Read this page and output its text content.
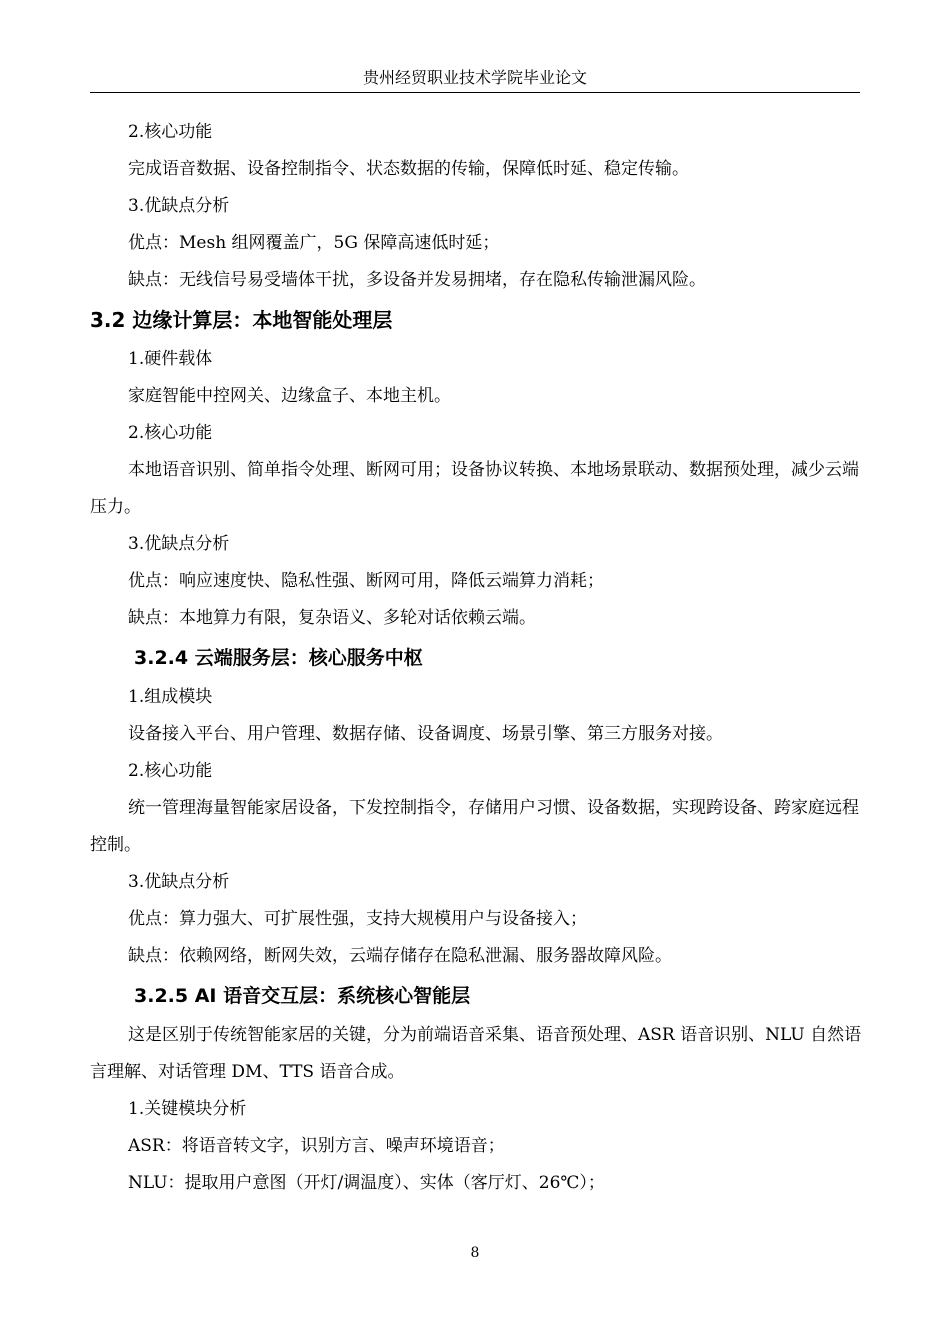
贵州经贸职业技术学院毕业论文

2.核心功能

完成语音数据、设备控制指令、状态数据的传输，保障低时延、稳定传输。

3.优缺点分析

优点：Mesh 组网覆盖广，5G 保障高速低时延；

缺点：无线信号易受墙体干扰，多设备并发易拥堵，存在隐私传输泄漏风险。

3.2 边缘计算层：本地智能处理层

1.硬件载体

家庭智能中控网关、边缘盒子、本地主机。

2.核心功能

本地语音识别、简单指令处理、断网可用；设备协议转换、本地场景联动、数据预处理，减少云端压力。

3.优缺点分析

优点：响应速度快、隐私性强、断网可用，降低云端算力消耗；

缺点：本地算力有限，复杂语义、多轮对话依赖云端。

3.2.4 云端服务层：核心服务中枢

1.组成模块

设备接入平台、用户管理、数据存储、设备调度、场景引擎、第三方服务对接。

2.核心功能

统一管理海量智能家居设备，下发控制指令，存储用户习惯、设备数据，实现跨设备、跨家庭远程控制。

3.优缺点分析

优点：算力强大、可扩展性强，支持大规模用户与设备接入；

缺点：依赖网络，断网失效，云端存储存在隐私泄漏、服务器故障风险。

3.2.5 AI 语音交互层：系统核心智能层

这是区别于传统智能家居的关键，分为前端语音采集、语音预处理、ASR 语音识别、NLU 自然语言理解、对话管理 DM、TTS 语音合成。

1.关键模块分析

ASR：将语音转文字，识别方言、噪声环境语音；

NLU：提取用户意图（开灯/调温度）、实体（客厅灯、26℃）；

8
